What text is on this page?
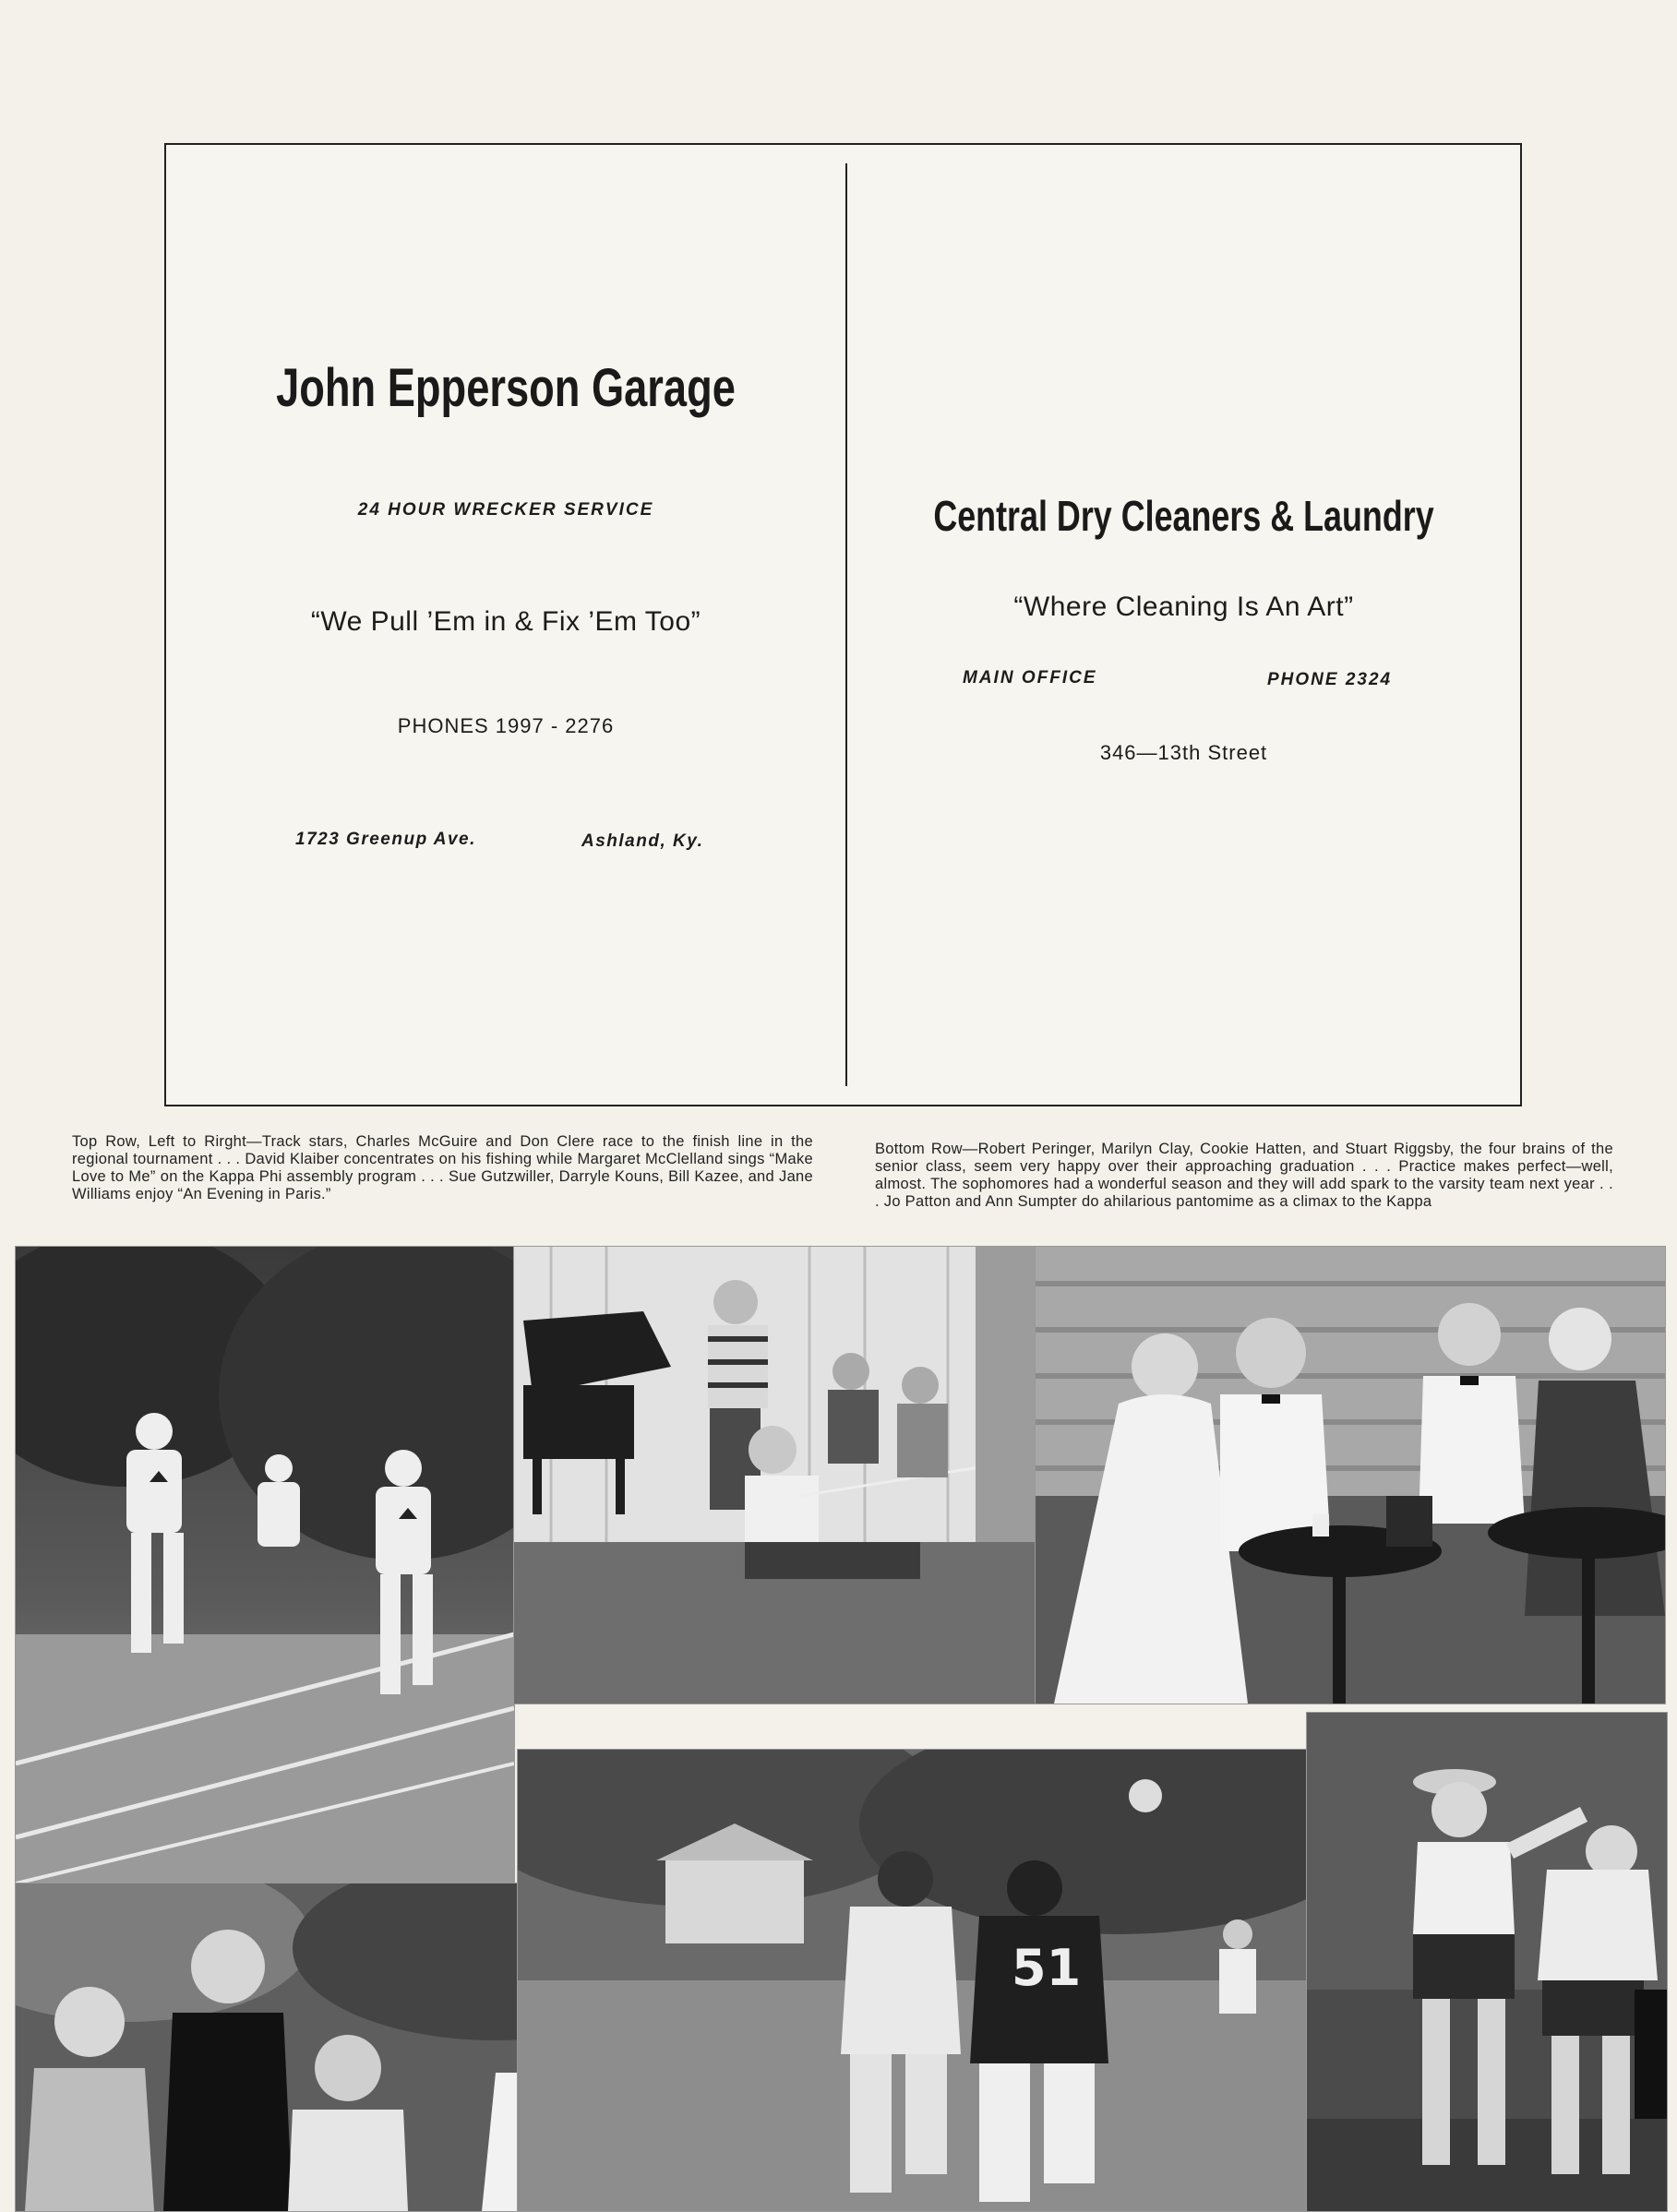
John Epperson Garage
24 HOUR WRECKER SERVICE
“We Pull ’Em in & Fix ’Em Too”
PHONES 1997 - 2276
1723 Greenup Ave.	Ashland, Ky.
Central Dry Cleaners & Laundry
“Where Cleaning Is An Art”
MAIN OFFICE	PHONE 2324
346—13th Street
Top Row, Left to Rirght—Track stars, Charles McGuire and Don Clere race to the finish line in the regional tournament . . . David Klaiber concentrates on his fishing while Margaret McClelland sings “Make Love to Me” on the Kappa Phi assembly program . . . Sue Gutzwiller, Darryle Kouns, Bill Kazee, and Jane Williams enjoy “An Evening in Paris.”
Bottom Row—Robert Peringer, Marilyn Clay, Cookie Hatten, and Stuart Riggsby, the four brains of the senior class, seem very happy over their approaching graduation . . . Practice makes perfect—well, almost. The sophomores had a wonderful season and they will add spark to the varsity team next year . . . Jo Patton and Ann Sumpter do ahilarious pantomime as a climax to the Kappa
51
